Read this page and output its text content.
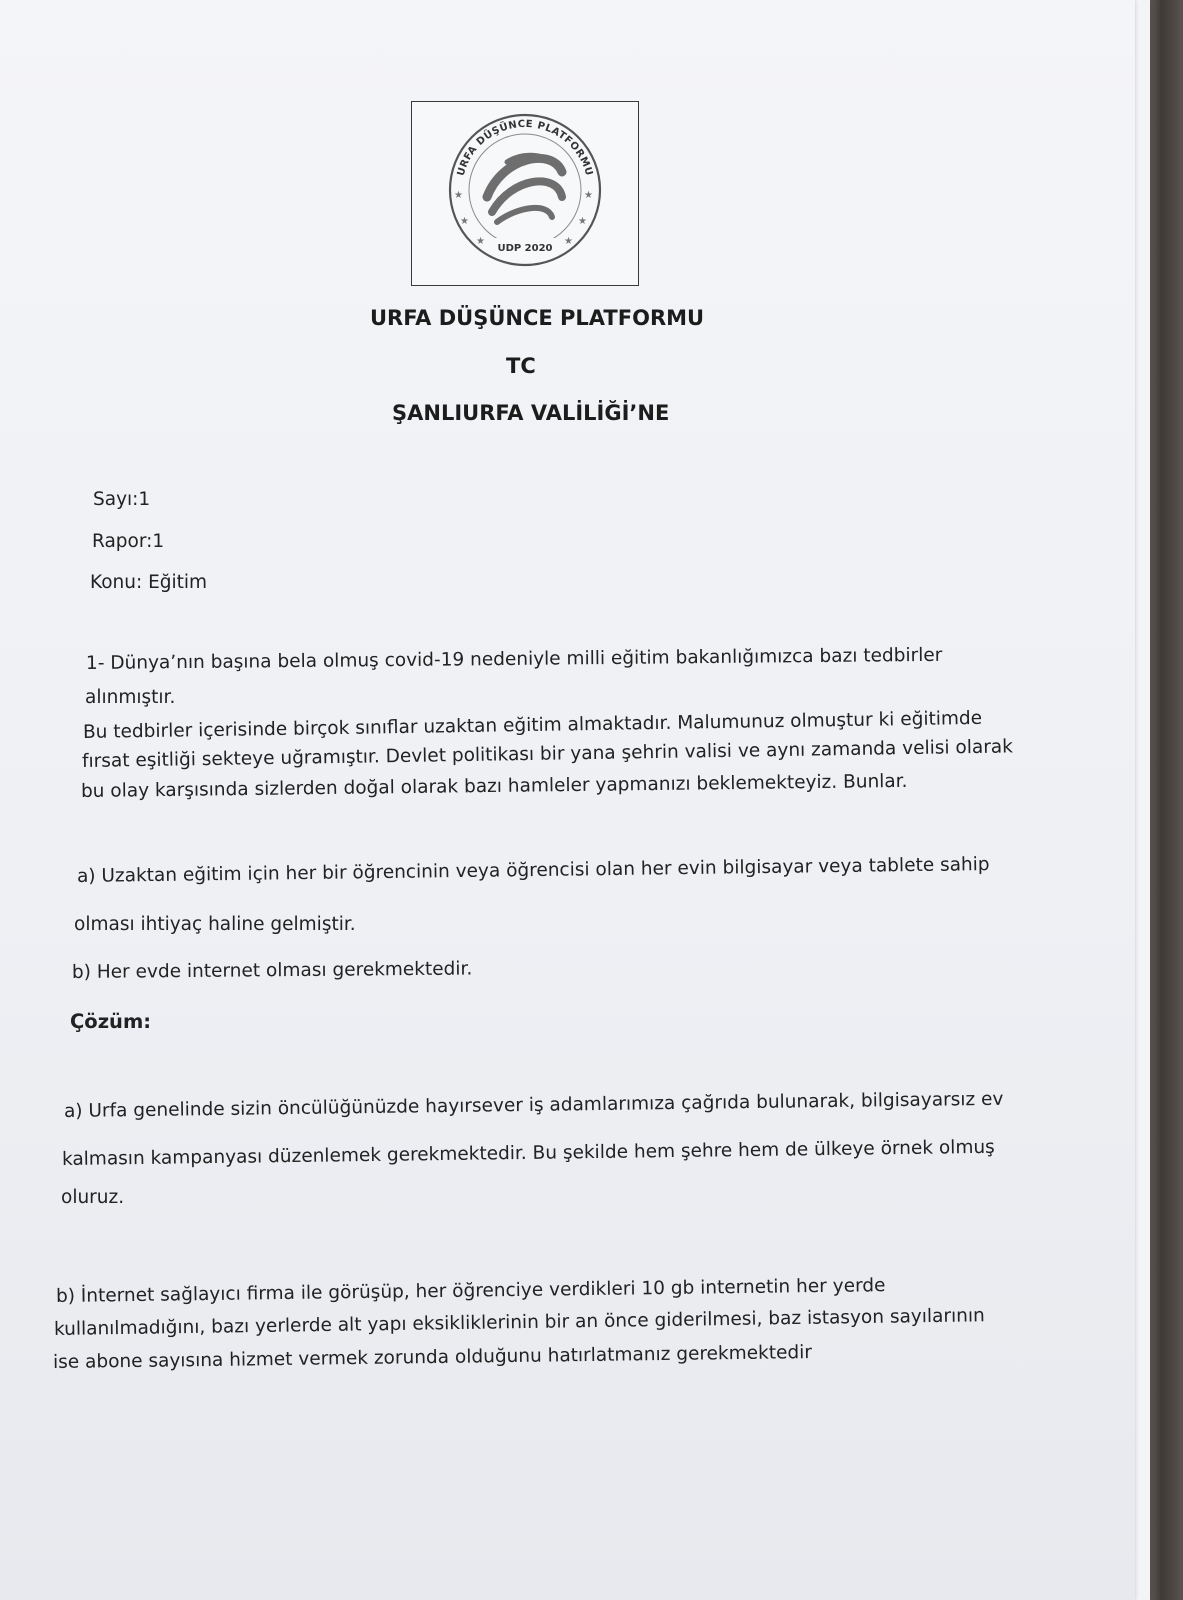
URFA DÜŞÜNCE PLATFORMU
★
★
★
★
★
★
UDP 2020
URFA DÜŞÜNCE PLATFORMU
TC
ŞANLIURFA VALİLİĞİ’NE
Sayı:1
Rapor:1
Konu: Eğitim
1- Dünya’nın başına bela olmuş covid-19 nedeniyle milli eğitim bakanlığımızca bazı tedbirler
alınmıştır.
Bu tedbirler içerisinde birçok sınıflar uzaktan eğitim almaktadır. Malumunuz olmuştur ki eğitimde
fırsat eşitliği sekteye uğramıştır. Devlet politikası bir yana şehrin valisi ve aynı zamanda velisi olarak
bu olay karşısında sizlerden doğal olarak bazı hamleler yapmanızı beklemekteyiz. Bunlar.
a) Uzaktan eğitim için her bir öğrencinin veya öğrencisi olan her evin bilgisayar veya tablete sahip
olması ihtiyaç haline gelmiştir.
b) Her evde internet olması gerekmektedir.
Çözüm:
a) Urfa genelinde sizin öncülüğünüzde hayırsever iş adamlarımıza çağrıda bulunarak, bilgisayarsız ev
kalmasın kampanyası düzenlemek gerekmektedir. Bu şekilde hem şehre hem de ülkeye örnek olmuş
oluruz.
b) İnternet sağlayıcı firma ile görüşüp, her öğrenciye verdikleri 10 gb internetin her yerde
kullanılmadığını, bazı yerlerde alt yapı eksikliklerinin bir an önce giderilmesi, baz istasyon sayılarının
ise abone sayısına hizmet vermek zorunda olduğunu hatırlatmanız gerekmektedir
